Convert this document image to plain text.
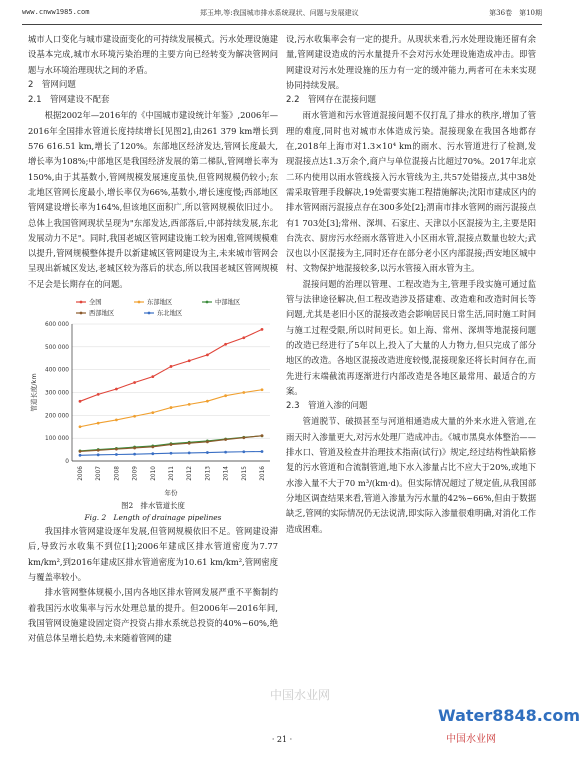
www.cnww1985.com	郑玉坤,等:我国城市排水系统现状、问题与发展建议	第36卷　第10期

城市人口变化与城市建设面变化的可持续发展模式。污水处理设施建设基本完成,城市水环境污染治理的主要方向已经转变为解决管网问题与水环境治理现状之间的矛盾。

2　管网问题
2.1　管网建设不配套

根据2002年—2016年的《中国城市建设统计年鉴》,2006年—2016年全国排水管道长度持续增长[见图2],由261 379 km增长到576 616.51 km,增长了120%。东部地区经济发达,管网长度最大,增长率为108%;中部地区是我国经济发展的第二梯队,管网增长率为150%,由于其基数小,管网规模发展速度虽快,但管网规模仍较小;东北地区管网长度最小,增长率仅为66%,基数小,增长速度慢;西部地区管网建设增长率为164%,但该地区面积广,所以管网规模依旧过小。总体上我国管网现状呈现为"东部发达,西部落后,中部持续发展,东北发展动力不足"。同时,我国老城区管网建设施工较为困难,管网规模难以提升,管网规模整体提升以新建城区管网建设为主,未来城市管网会呈现出新城区发达,老城区较为落后的状态,所以我国老城区管网规模不足会是长期存在的问题。

0
100 000
200 000
300 000
400 000
500 000
600 000
2006 2007 2008 2009 2010 2011 2012 2013 2014 2015 2016
年份
管道长度/km
全国	东部地区	中部地区
西部地区	东北地区
图2　排水管道长度
Fig. 2　Length of drainage pipelines

我国排水管网建设逐年发展,但管网规模依旧不足。管网建设滞后,导致污水收集不到位[1];2006年建成区排水管道密度为7.77 km/km²,到2016年建成区排水管道密度为10.61 km/km²,管网密度与覆盖率较小。

排水管网整体规模小,国内各地区排水管网发展严重不平衡制约着我国污水收集率与污水处理总量的提升。但2006年—2016年间,我国管网设施建设固定资产投资占排水系统总投资的40%~60%,绝对值总体呈增长趋势,未来随着管网的建

设,污水收集率会有一定的提升。从现状来看,污水处理设施还留有余量,管网建设造成的污水量提升不会对污水处理设施造成冲击。即管网建设对污水处理设施的压力有一定的缓冲能力,两者可在未来实现协同持续发展。

2.2　管网存在混接问题

雨水管道和污水管道混接问题不仅打乱了排水的秩序,增加了管理的难度,同时也对城市水体造成污染。混接现象在我国各地都存在,2018年上海市对1.3×10⁴ km的雨水、污水管道进行了检测,发现混接点达1.3万余个,商户与单位混接占比超过70%。2017年北京二环内使用以雨水管线接入污水管线为主,共57处错接点,其中38处需采取管理手段解决,19处需要实施工程措施解决;沈阳市建成区内的排水管网雨污混接点存在300多处[2];渭南市排水管网的雨污混接点有1 703处[3];常州、深圳、石家庄、天津以小区混接为主,主要是阳台洗衣、厨房污水经雨水落管进入小区雨水管,混接点数量也较大;武汉也以小区混接为主,同时还存在部分老小区内部混接;西安地区城中村、文物保护地混接较多,以污水管接入雨水管为主。

混接问题的治理以管理、工程改造为主,管理手段实施可通过监管与法律途径解决,但工程改造涉及搭建难、改造难和改造时间长等问题,尤其是老旧小区的混接改造会影响居民日常生活,同时施工时间与施工过程受限,所以时间更长。如上海、常州、深圳等地混接问题的改造已经进行了5年以上,投入了大量的人力物力,但只完成了部分地区的改造。各地区混接改造进度较慢,混接现象还将长时间存在,而先进行末端截流再逐渐进行内部改造是各地区最常用、最适合的方案。

2.3　管道入渗的问题

管道脱节、破损甚至与河道相通造成大量的外来水进入管道,在雨天时入渗量更大,对污水处理厂造成冲击。《城市黑臭水体整治——排水口、管道及检查井治理技术指南(试行)》规定,经过结构性缺陷修复的污水管道和合流制管道,地下水入渗量占比不应大于20%,或地下水渗入量不大于70 m³/(km·d)。但实际情况超过了规定值,从我国部分地区调查结果来看,管道入渗量为污水量的42%~66%,但由于数据缺乏,管网的实际情况仍无法说清,即实际入渗量很难明确,对消化工作造成困难。

· 21 ·
中国水业网
Water8848.com
中国水业网
